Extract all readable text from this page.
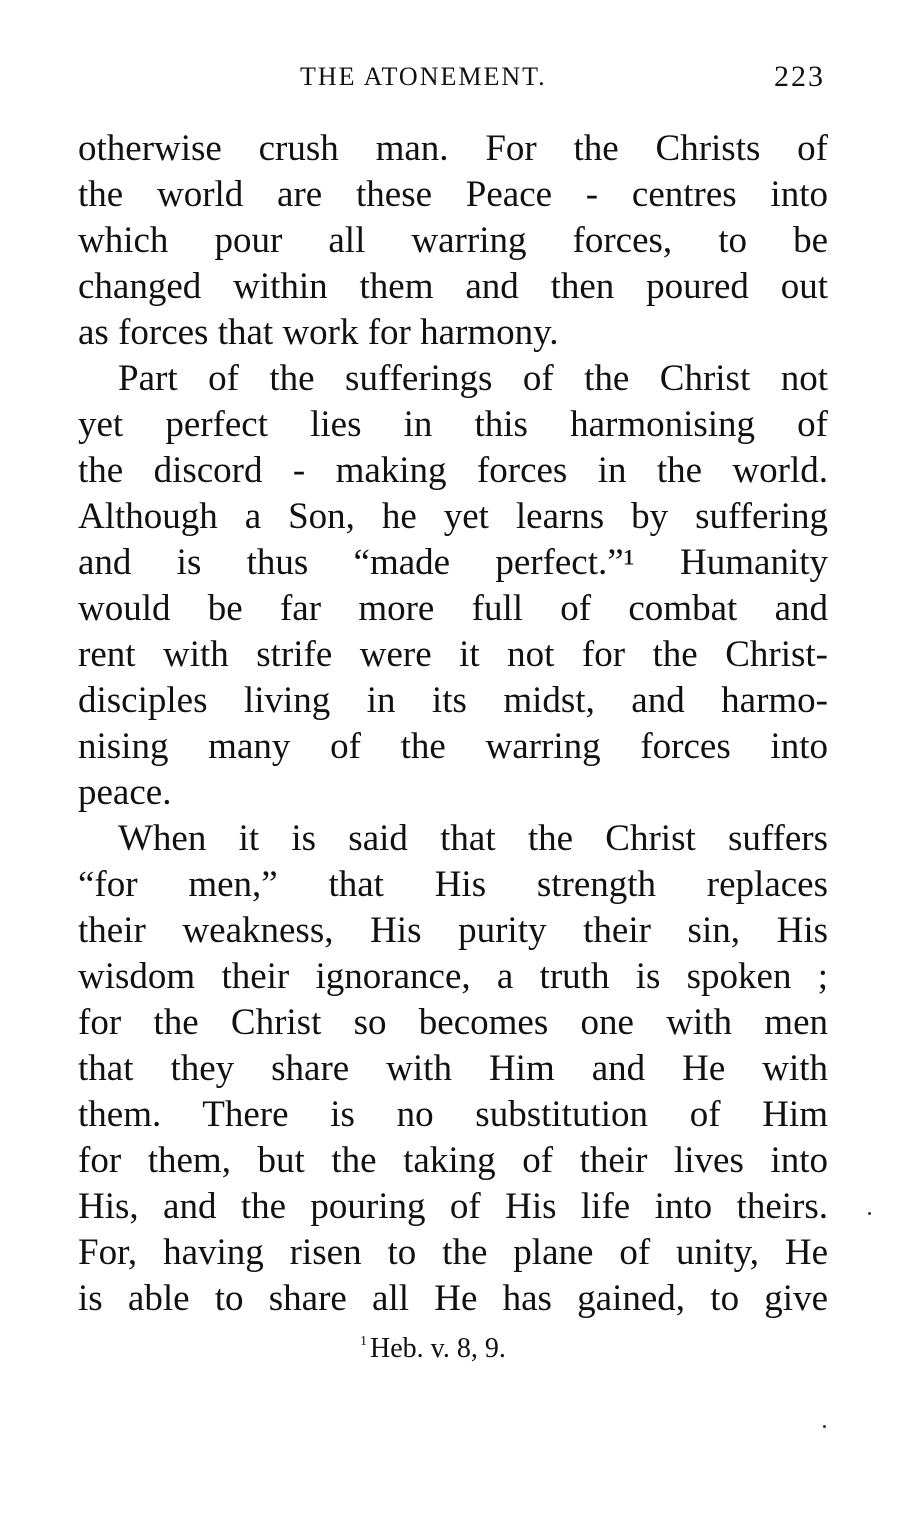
THE ATONEMENT.	223
otherwise crush man. For the Christs of
the world are these Peace - centres into
which pour all warring forces, to be
changed within them and then poured out
as forces that work for harmony.
Part of the sufferings of the Christ not
yet perfect lies in this harmonising of
the discord - making forces in the world.
Although a Son, he yet learns by suffering
and is thus “made perfect.”¹ Humanity
would be far more full of combat and
rent with strife were it not for the Christ-
disciples living in its midst, and harmo-
nising many of the warring forces into
peace.
When it is said that the Christ suffers
“for men,” that His strength replaces
their weakness, His purity their sin, His
wisdom their ignorance, a truth is spoken ;
for the Christ so becomes one with men
that they share with Him and He with
them. There is no substitution of Him
for them, but the taking of their lives into
His, and the pouring of His life into theirs.
For, having risen to the plane of unity, He
is able to share all He has gained, to give
$^1$ Heb. v. 8, 9.
